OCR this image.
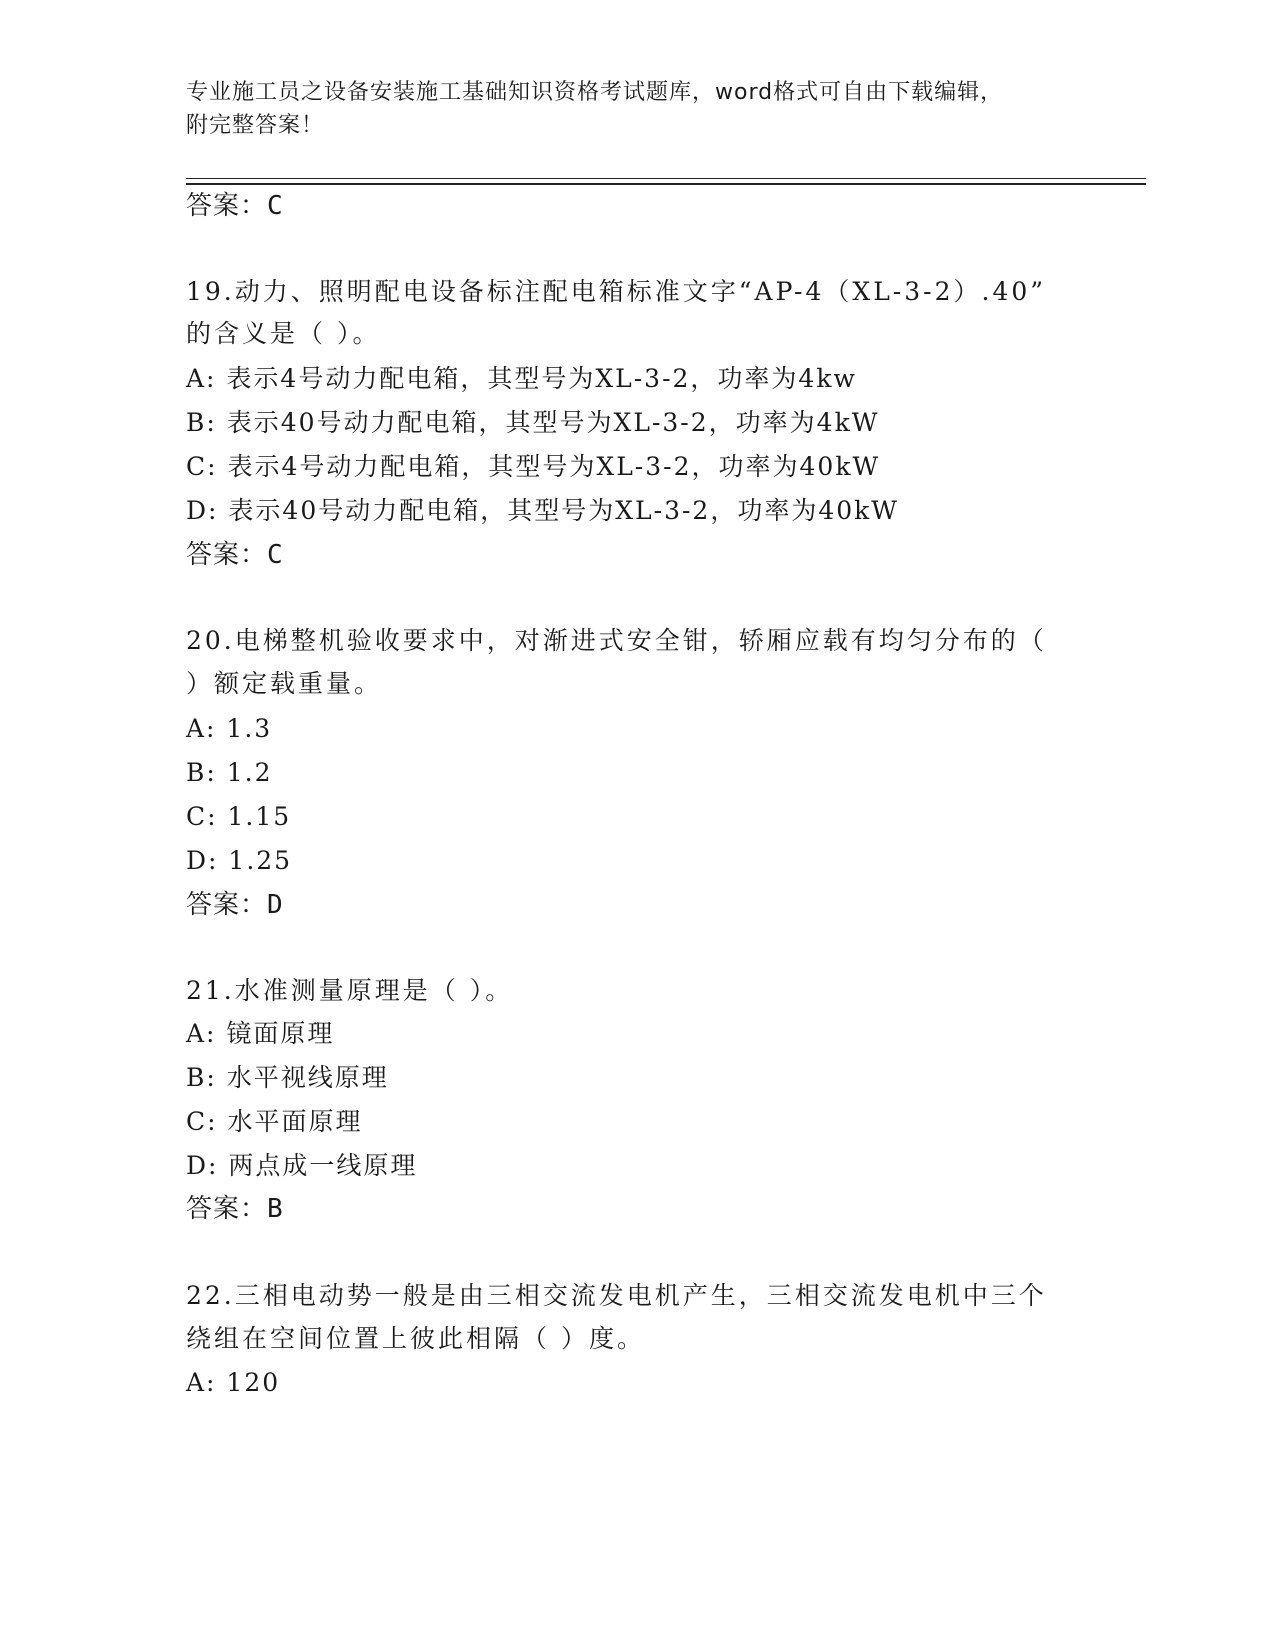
专业施工员之设备安装施工基础知识资格考试题库，word格式可自由下载编辑，
附完整答案！
答案：C
19.动力、照明配电设备标注配电箱标准文字“AP-4（XL-3-2）.40”
的含义是（ ）。
A: 表示4号动力配电箱，其型号为XL-3-2，功率为4kw
B: 表示40号动力配电箱，其型号为XL-3-2，功率为4kW
C: 表示4号动力配电箱，其型号为XL-3-2，功率为40kW
D: 表示40号动力配电箱，其型号为XL-3-2，功率为40kW
答案：C
20.电梯整机验收要求中，对渐进式安全钳，轿厢应载有均匀分布的（
）额定载重量。
A: 1.3
B: 1.2
C: 1.15
D: 1.25
答案：D
21.水准测量原理是（ ）。
A: 镜面原理
B: 水平视线原理
C: 水平面原理
D: 两点成一线原理
答案：B
22.三相电动势一般是由三相交流发电机产生，三相交流发电机中三个
绕组在空间位置上彼此相隔（ ）度。
A: 120
